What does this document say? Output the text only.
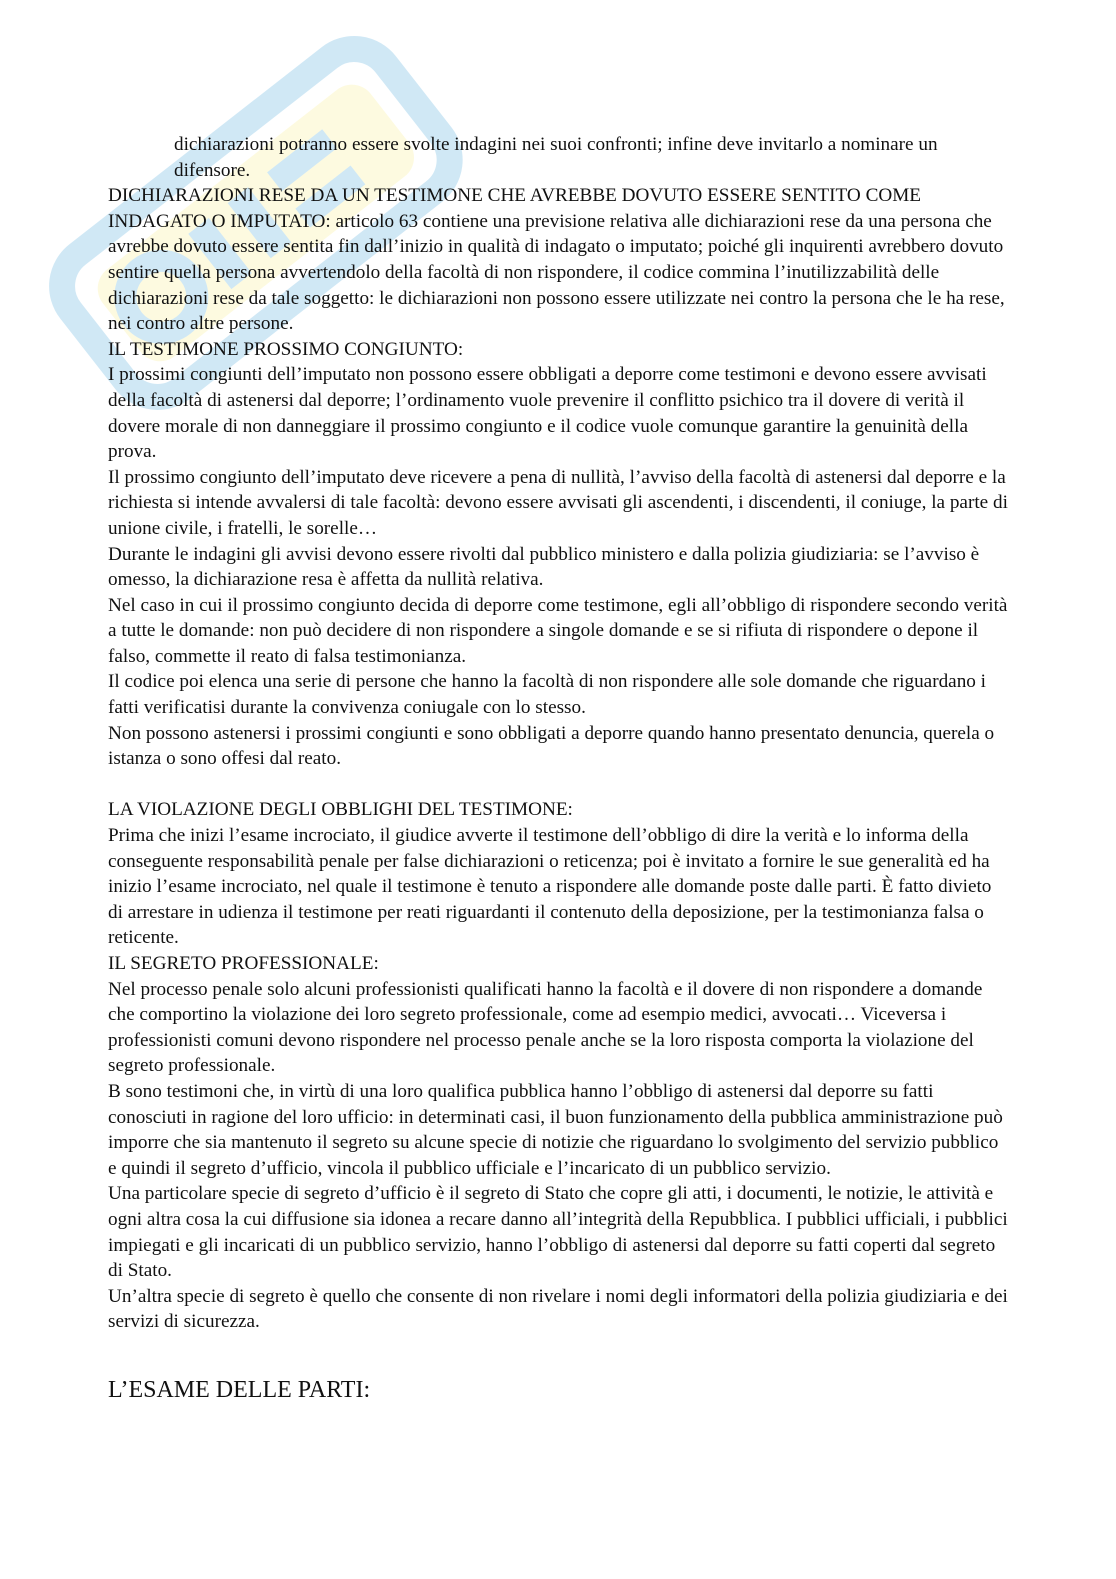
dichiarazioni potranno essere svolte indagini nei suoi confronti; infine deve invitarlo a nominare un difensore.

DICHIARAZIONI RESE DA UN TESTIMONE CHE AVREBBE DOVUTO ESSERE SENTITO COME INDAGATO O IMPUTATO: articolo 63 contiene una previsione relativa alle dichiarazioni rese da una persona che avrebbe dovuto essere sentita fin dall’inizio in qualità di indagato o imputato; poiché gli inquirenti avrebbero dovuto sentire quella persona avvertendolo della facoltà di non rispondere, il codice commina l’inutilizzabilità delle dichiarazioni rese da tale soggetto: le dichiarazioni non possono essere utilizzate nei contro la persona che le ha rese, nei contro altre persone.

IL TESTIMONE PROSSIMO CONGIUNTO:

I prossimi congiunti dell’imputato non possono essere obbligati a deporre come testimoni e devono essere avvisati della facoltà di astenersi dal deporre; l’ordinamento vuole prevenire il conflitto psichico tra il dovere di verità il dovere morale di non danneggiare il prossimo congiunto e il codice vuole comunque garantire la genuinità della prova.

Il prossimo congiunto dell’imputato deve ricevere a pena di nullità, l’avviso della facoltà di astenersi dal deporre e la richiesta si intende avvalersi di tale facoltà: devono essere avvisati gli ascendenti, i discendenti, il coniuge, la parte di unione civile, i fratelli, le sorelle…

Durante le indagini gli avvisi devono essere rivolti dal pubblico ministero e dalla polizia giudiziaria: se l’avviso è omesso, la dichiarazione resa è affetta da nullità relativa.

Nel caso in cui il prossimo congiunto decida di deporre come testimone, egli all’obbligo di rispondere secondo verità a tutte le domande: non può decidere di non rispondere a singole domande e se si rifiuta di rispondere o depone il falso, commette il reato di falsa testimonianza.

Il codice poi elenca una serie di persone che hanno la facoltà di non rispondere alle sole domande che riguardano i fatti verificatisi durante la convivenza coniugale con lo stesso.

Non possono astenersi i prossimi congiunti e sono obbligati a deporre quando hanno presentato denuncia, querela o istanza o sono offesi dal reato.

LA VIOLAZIONE DEGLI OBBLIGHI DEL TESTIMONE:

Prima che inizi l’esame incrociato, il giudice avverte il testimone dell’obbligo di dire la verità e lo informa della conseguente responsabilità penale per false dichiarazioni o reticenza; poi è invitato a fornire le sue generalità ed ha inizio l’esame incrociato, nel quale il testimone è tenuto a rispondere alle domande poste dalle parti. È fatto divieto di arrestare in udienza il testimone per reati riguardanti il contenuto della deposizione, per la testimonianza falsa o reticente.

IL SEGRETO PROFESSIONALE:

Nel processo penale solo alcuni professionisti qualificati hanno la facoltà e il dovere di non rispondere a domande che comportino la violazione dei loro segreto professionale, come ad esempio medici, avvocati… Viceversa i professionisti comuni devono rispondere nel processo penale anche se la loro risposta comporta la violazione del segreto professionale.

B sono testimoni che, in virtù di una loro qualifica pubblica hanno l’obbligo di astenersi dal deporre su fatti conosciuti in ragione del loro ufficio: in determinati casi, il buon funzionamento della pubblica amministrazione può imporre che sia mantenuto il segreto su alcune specie di notizie che riguardano lo svolgimento del servizio pubblico e quindi il segreto d’ufficio, vincola il pubblico ufficiale e l’incaricato di un pubblico servizio.

Una particolare specie di segreto d’ufficio è il segreto di Stato che copre gli atti, i documenti, le notizie, le attività e ogni altra cosa la cui diffusione sia idonea a recare danno all’integrità della Repubblica. I pubblici ufficiali, i pubblici impiegati e gli incaricati di un pubblico servizio, hanno l’obbligo di astenersi dal deporre su fatti coperti dal segreto di Stato.

Un’altra specie di segreto è quello che consente di non rivelare i nomi degli informatori della polizia giudiziaria e dei servizi di sicurezza.

L’ESAME DELLE PARTI:
